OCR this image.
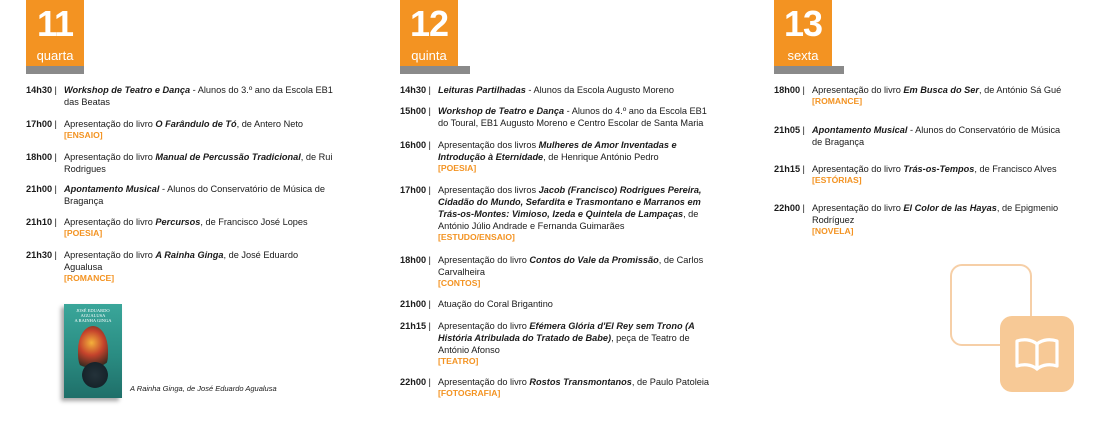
11
quarta
14h30 | Workshop de Teatro e Dança - Alunos do 3.º ano da Escola EB1 das Beatas
17h00 | Apresentação do livro O Farândulo de Tó, de Antero Neto
[ENSAIO]
18h00 | Apresentação do livro Manual de Percussão Tradicional, de Rui Rodrigues
21h00 | Apontamento Musical - Alunos do Conservatório de Música de Bragança
21h10 | Apresentação do livro Percursos, de Francisco José Lopes
[POESIA]
21h30 | Apresentação do livro A Rainha Ginga, de José Eduardo Agualusa
[ROMANCE]
12
quinta
14h30 | Leituras Partilhadas - Alunos da Escola Augusto Moreno
15h00 | Workshop de Teatro e Dança - Alunos do 4.º ano da Escola EB1 do Toural, EB1 Augusto Moreno e Centro Escolar de Santa Maria
16h00 | Apresentação dos livros Mulheres de Amor Inventadas e Introdução à Eternidade, de Henrique António Pedro
[POESIA]
17h00 | Apresentação dos livros Jacob (Francisco) Rodrigues Pereira, Cidadão do Mundo, Sefardita e Trasmontano e Marranos em Trás-os-Montes: Vimioso, Izeda e Quintela de Lampaças, de António Júlio Andrade e Fernanda Guimarães
[ESTUDO/ENSAIO]
18h00 | Apresentação do livro Contos do Vale da Promissão, de Carlos Carvalheira
[CONTOS]
21h00 | Atuação do Coral Brigantino
21h15 | Apresentação do livro Efémera Glória d'El Rey sem Trono (A História Atribulada do Tratado de Babe), peça de Teatro de António Afonso
[TEATRO]
22h00 | Apresentação do livro Rostos Transmontanos, de Paulo Patoleia
[FOTOGRAFIA]
13
sexta
18h00 | Apresentação do livro Em Busca do Ser, de António Sá Gué
[ROMANCE]
21h05 | Apontamento Musical - Alunos do Conservatório de Música de Bragança
21h15 | Apresentação do livro Trás-os-Tempos, de Francisco Alves
[ESTÓRIAS]
22h00 | Apresentação do livro El Color de las Hayas, de Epigmenio Rodríguez
[NOVELA]
JOSÉ EDUARDO AGUALUSA
A RAINHA GINGA
A Rainha Ginga, de José Eduardo Agualusa
